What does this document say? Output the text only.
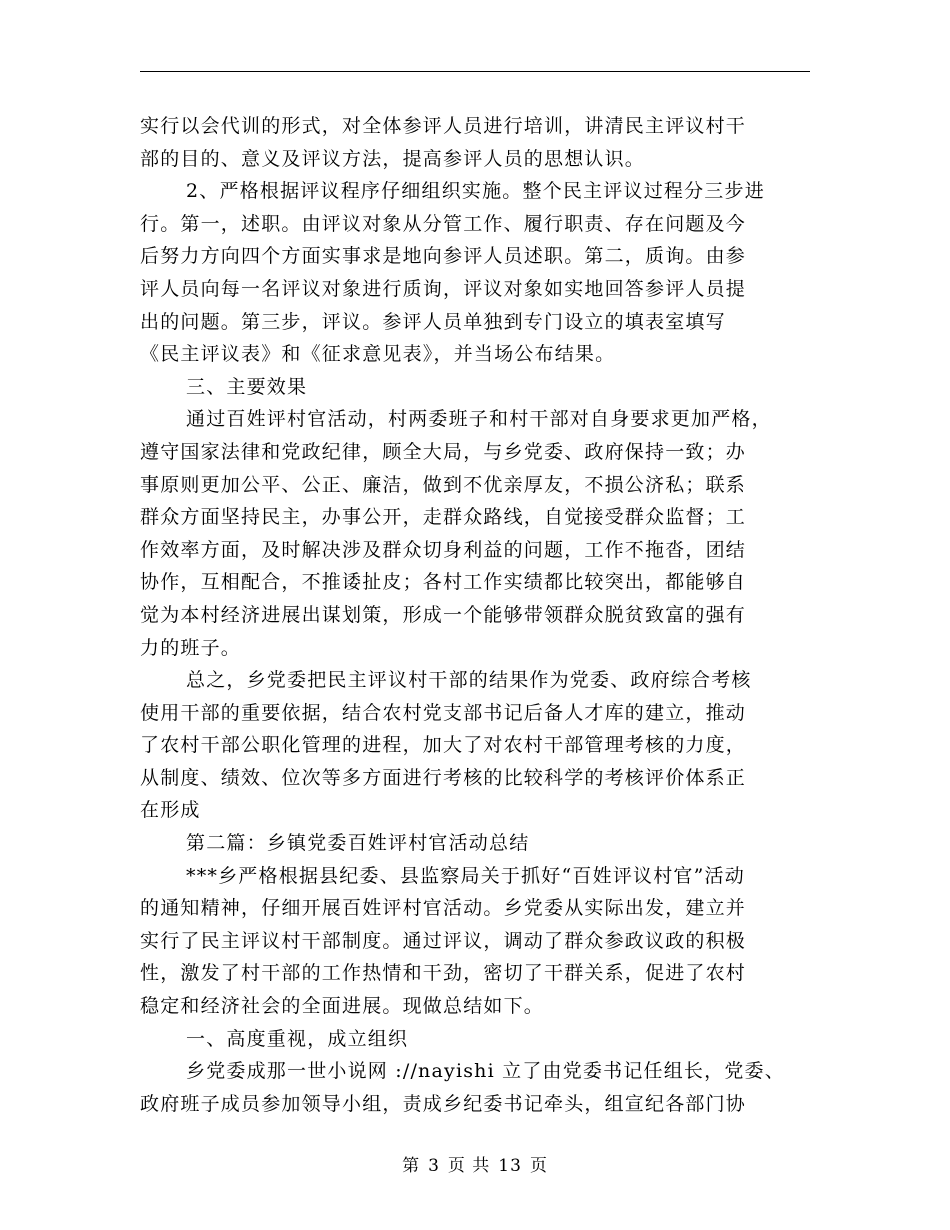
实行以会代训的形式，对全体参评人员进行培训，讲清民主评议村干
部的目的、意义及评议方法，提高参评人员的思想认识。
2、严格根据评议程序仔细组织实施。整个民主评议过程分三步进
行。第一，述职。由评议对象从分管工作、履行职责、存在问题及今
后努力方向四个方面实事求是地向参评人员述职。第二，质询。由参
评人员向每一名评议对象进行质询，评议对象如实地回答参评人员提
出的问题。第三步，评议。参评人员单独到专门设立的填表室填写
《民主评议表》和《征求意见表》，并当场公布结果。
三、主要效果
通过百姓评村官活动，村两委班子和村干部对自身要求更加严格，
遵守国家法律和党政纪律，顾全大局，与乡党委、政府保持一致；办
事原则更加公平、公正、廉洁，做到不优亲厚友，不损公济私；联系
群众方面坚持民主，办事公开，走群众路线，自觉接受群众监督；工
作效率方面，及时解决涉及群众切身利益的问题，工作不拖沓，团结
协作，互相配合，不推诿扯皮；各村工作实绩都比较突出，都能够自
觉为本村经济进展出谋划策，形成一个能够带领群众脱贫致富的强有
力的班子。
总之，乡党委把民主评议村干部的结果作为党委、政府综合考核
使用干部的重要依据，结合农村党支部书记后备人才库的建立，推动
了农村干部公职化管理的进程，加大了对农村干部管理考核的力度，
从制度、绩效、位次等多方面进行考核的比较科学的考核评价体系正
在形成
第二篇：乡镇党委百姓评村官活动总结
***乡严格根据县纪委、县监察局关于抓好“百姓评议村官”活动
的通知精神，仔细开展百姓评村官活动。乡党委从实际出发，建立并
实行了民主评议村干部制度。通过评议，调动了群众参政议政的积极
性，激发了村干部的工作热情和干劲，密切了干群关系，促进了农村
稳定和经济社会的全面进展。现做总结如下。
一、高度重视，成立组织
乡党委成那一世小说网 ://nayishi 立了由党委书记任组长，党委、
政府班子成员参加领导小组，责成乡纪委书记牵头，组宣纪各部门协
第 3 页 共 13 页
